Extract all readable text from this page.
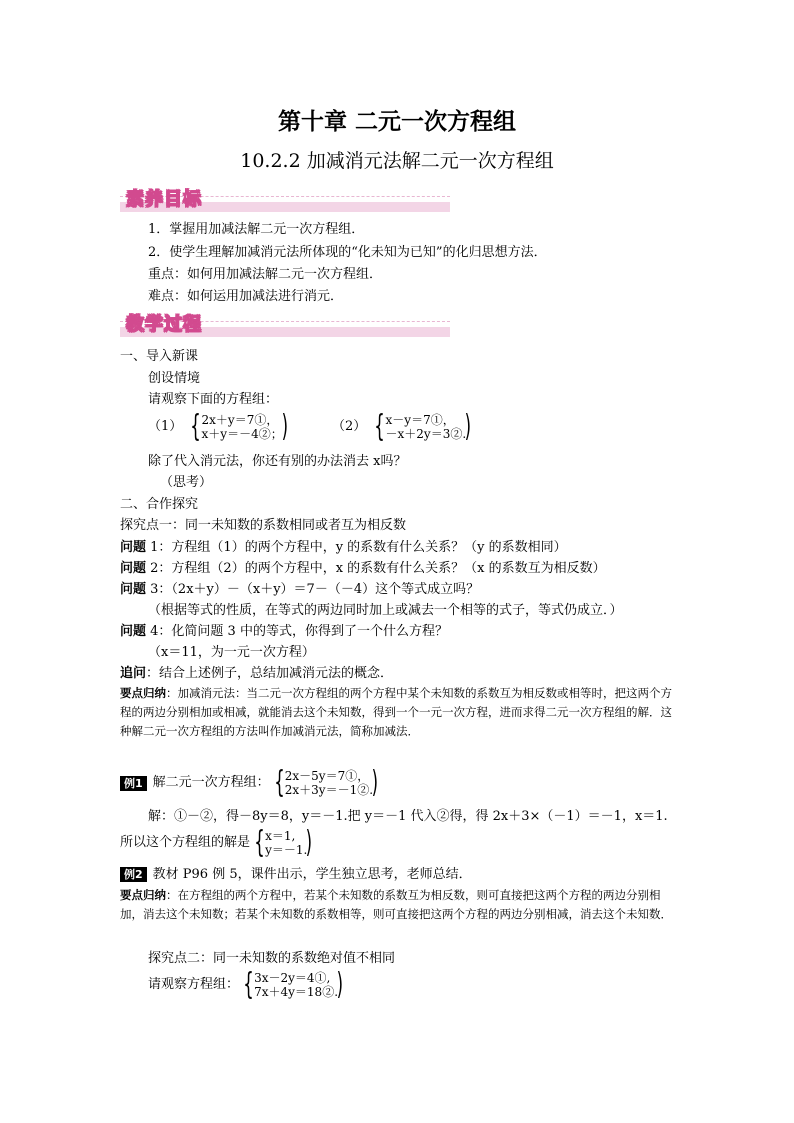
第十章 二元一次方程组
10.2.2 加减消元法解二元一次方程组
素养目标
1．掌握用加减法解二元一次方程组．
2．使学生理解加减消元法所体现的“化未知为已知”的化归思想方法．
重点：如何用加减法解二元一次方程组．
难点：如何运用加减法进行消元．
教学过程
一、导入新课
创设情境
请观察下面的方程组：
（1） { 2x＋y＝7①，
x＋y＝－4②；
)	（2） { x－y＝7①，
－x＋2y＝3②.
)
除了代入消元法，你还有别的办法消去 x吗？
（思考）
二、合作探究
探究点一：同一未知数的系数相同或者互为相反数
问题 1：方程组（1）的两个方程中，y 的系数有什么关系？（y 的系数相同）
问题 2：方程组（2）的两个方程中，x 的系数有什么关系？（x 的系数互为相反数）
问题 3：（2x＋y）－（x＋y）＝7－（－4）这个等式成立吗？
（根据等式的性质，在等式的两边同时加上或减去一个相等的式子，等式仍成立．）
问题 4：化简问题 3 中的等式，你得到了一个什么方程？
（x＝11，为一元一次方程）
追问：结合上述例子，总结加减消元法的概念．
要点归纳：加减消元法：当二元一次方程组的两个方程中某个未知数的系数互为相反数或相等时，把这两个方程的两边分别相加或相减，就能消去这个未知数，得到一个一元一次方程，进而求得二元一次方程组的解．这种解二元一次方程组的方法叫作加减消元法，简称加减法．
例1 解二元一次方程组： { 2x－5y＝7①，
2x＋3y＝－1②.
)
解：①－②，得－8y＝8，y＝－1.把 y＝－1 代入②得，得 2x＋3×（－1）＝－1，x＝1.
所以这个方程组的解是 { x＝1,
y＝－1.
)
例2 教材 P96 例 5，课件出示，学生独立思考，老师总结．
要点归纳：在方程组的两个方程中，若某个未知数的系数互为相反数，则可直接把这两个方程的两边分别相加，消去这个未知数；若某个未知数的系数相等，则可直接把这两个方程的两边分别相减，消去这个未知数．
探究点二：同一未知数的系数绝对值不相同
请观察方程组： { 3x－2y＝4①,
7x＋4y＝18②.
)
